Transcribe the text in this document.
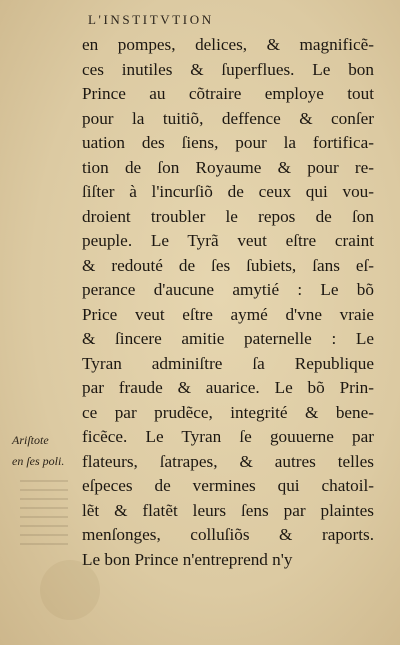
L'INSTITVTION
en pompes, delices, & magnificẽ-
ces inutiles & ſuperflues. Le bon
Prince au cõtraire employe tout
pour la tuitiõ, deffence & conſer
uation des ſiens, pour la fortifica-
tion de ſon Royaume & pour re-
ſiſter à l'incurſiõ de ceux qui vou-
droient troubler le repos de ſon
peuple. Le Tyrã veut eſtre craint
& redouté de ſes ſubiets, ſans eſ-
perance d'aucune amytié : Le bõ
Price veut eſtre aymé d'vne vraie
& ſincere amitie paternelle : Le
Tyran adminiſtre ſa Republique
par fraude & auarice. Le bõ Prin-
ce par prudẽce, integrité & bene-
ficẽce. Le Tyran ſe gouuerne par
flateurs, ſatrapes, & autres telles
eſpeces de vermines qui chatoil-
lẽt & flatẽt leurs ſens par plaintes
menſonges, colluſiõs & raports.
Le bon Prince n'entreprend n'y
Ariſtote
en ſes poli.
